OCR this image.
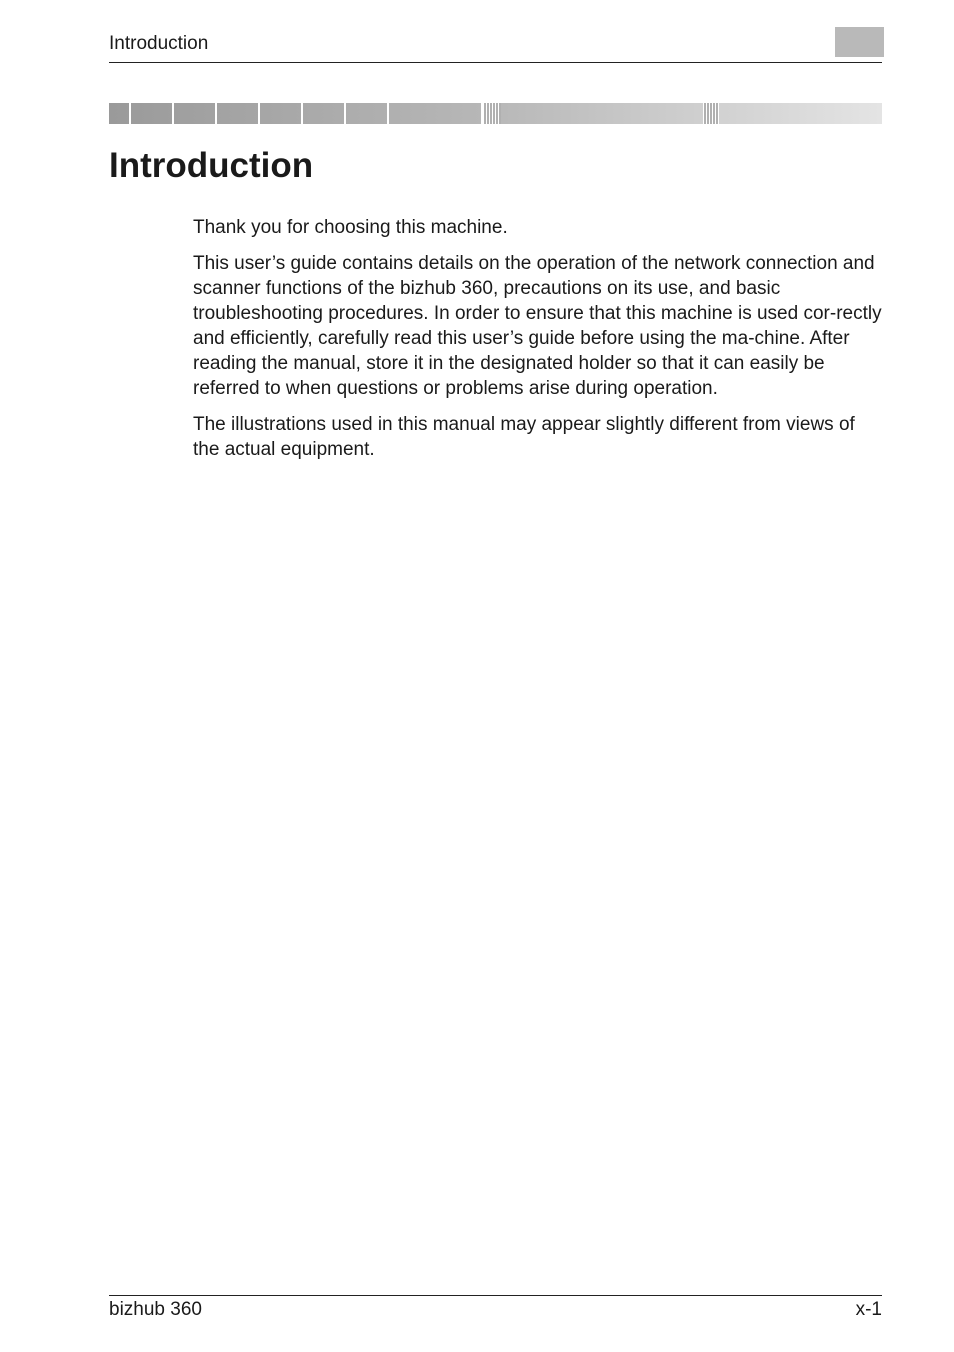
Introduction
Introduction

Thank you for choosing this machine.

This user’s guide contains details on the operation of the network connection and scanner functions of the bizhub 360, precautions on its use, and basic troubleshooting procedures. In order to ensure that this machine is used cor-rectly and efficiently, carefully read this user’s guide before using the ma-chine. After reading the manual, store it in the designated holder so that it can easily be referred to when questions or problems arise during operation.

The illustrations used in this manual may appear slightly different from views of the actual equipment.

bizhub 360	x-1
